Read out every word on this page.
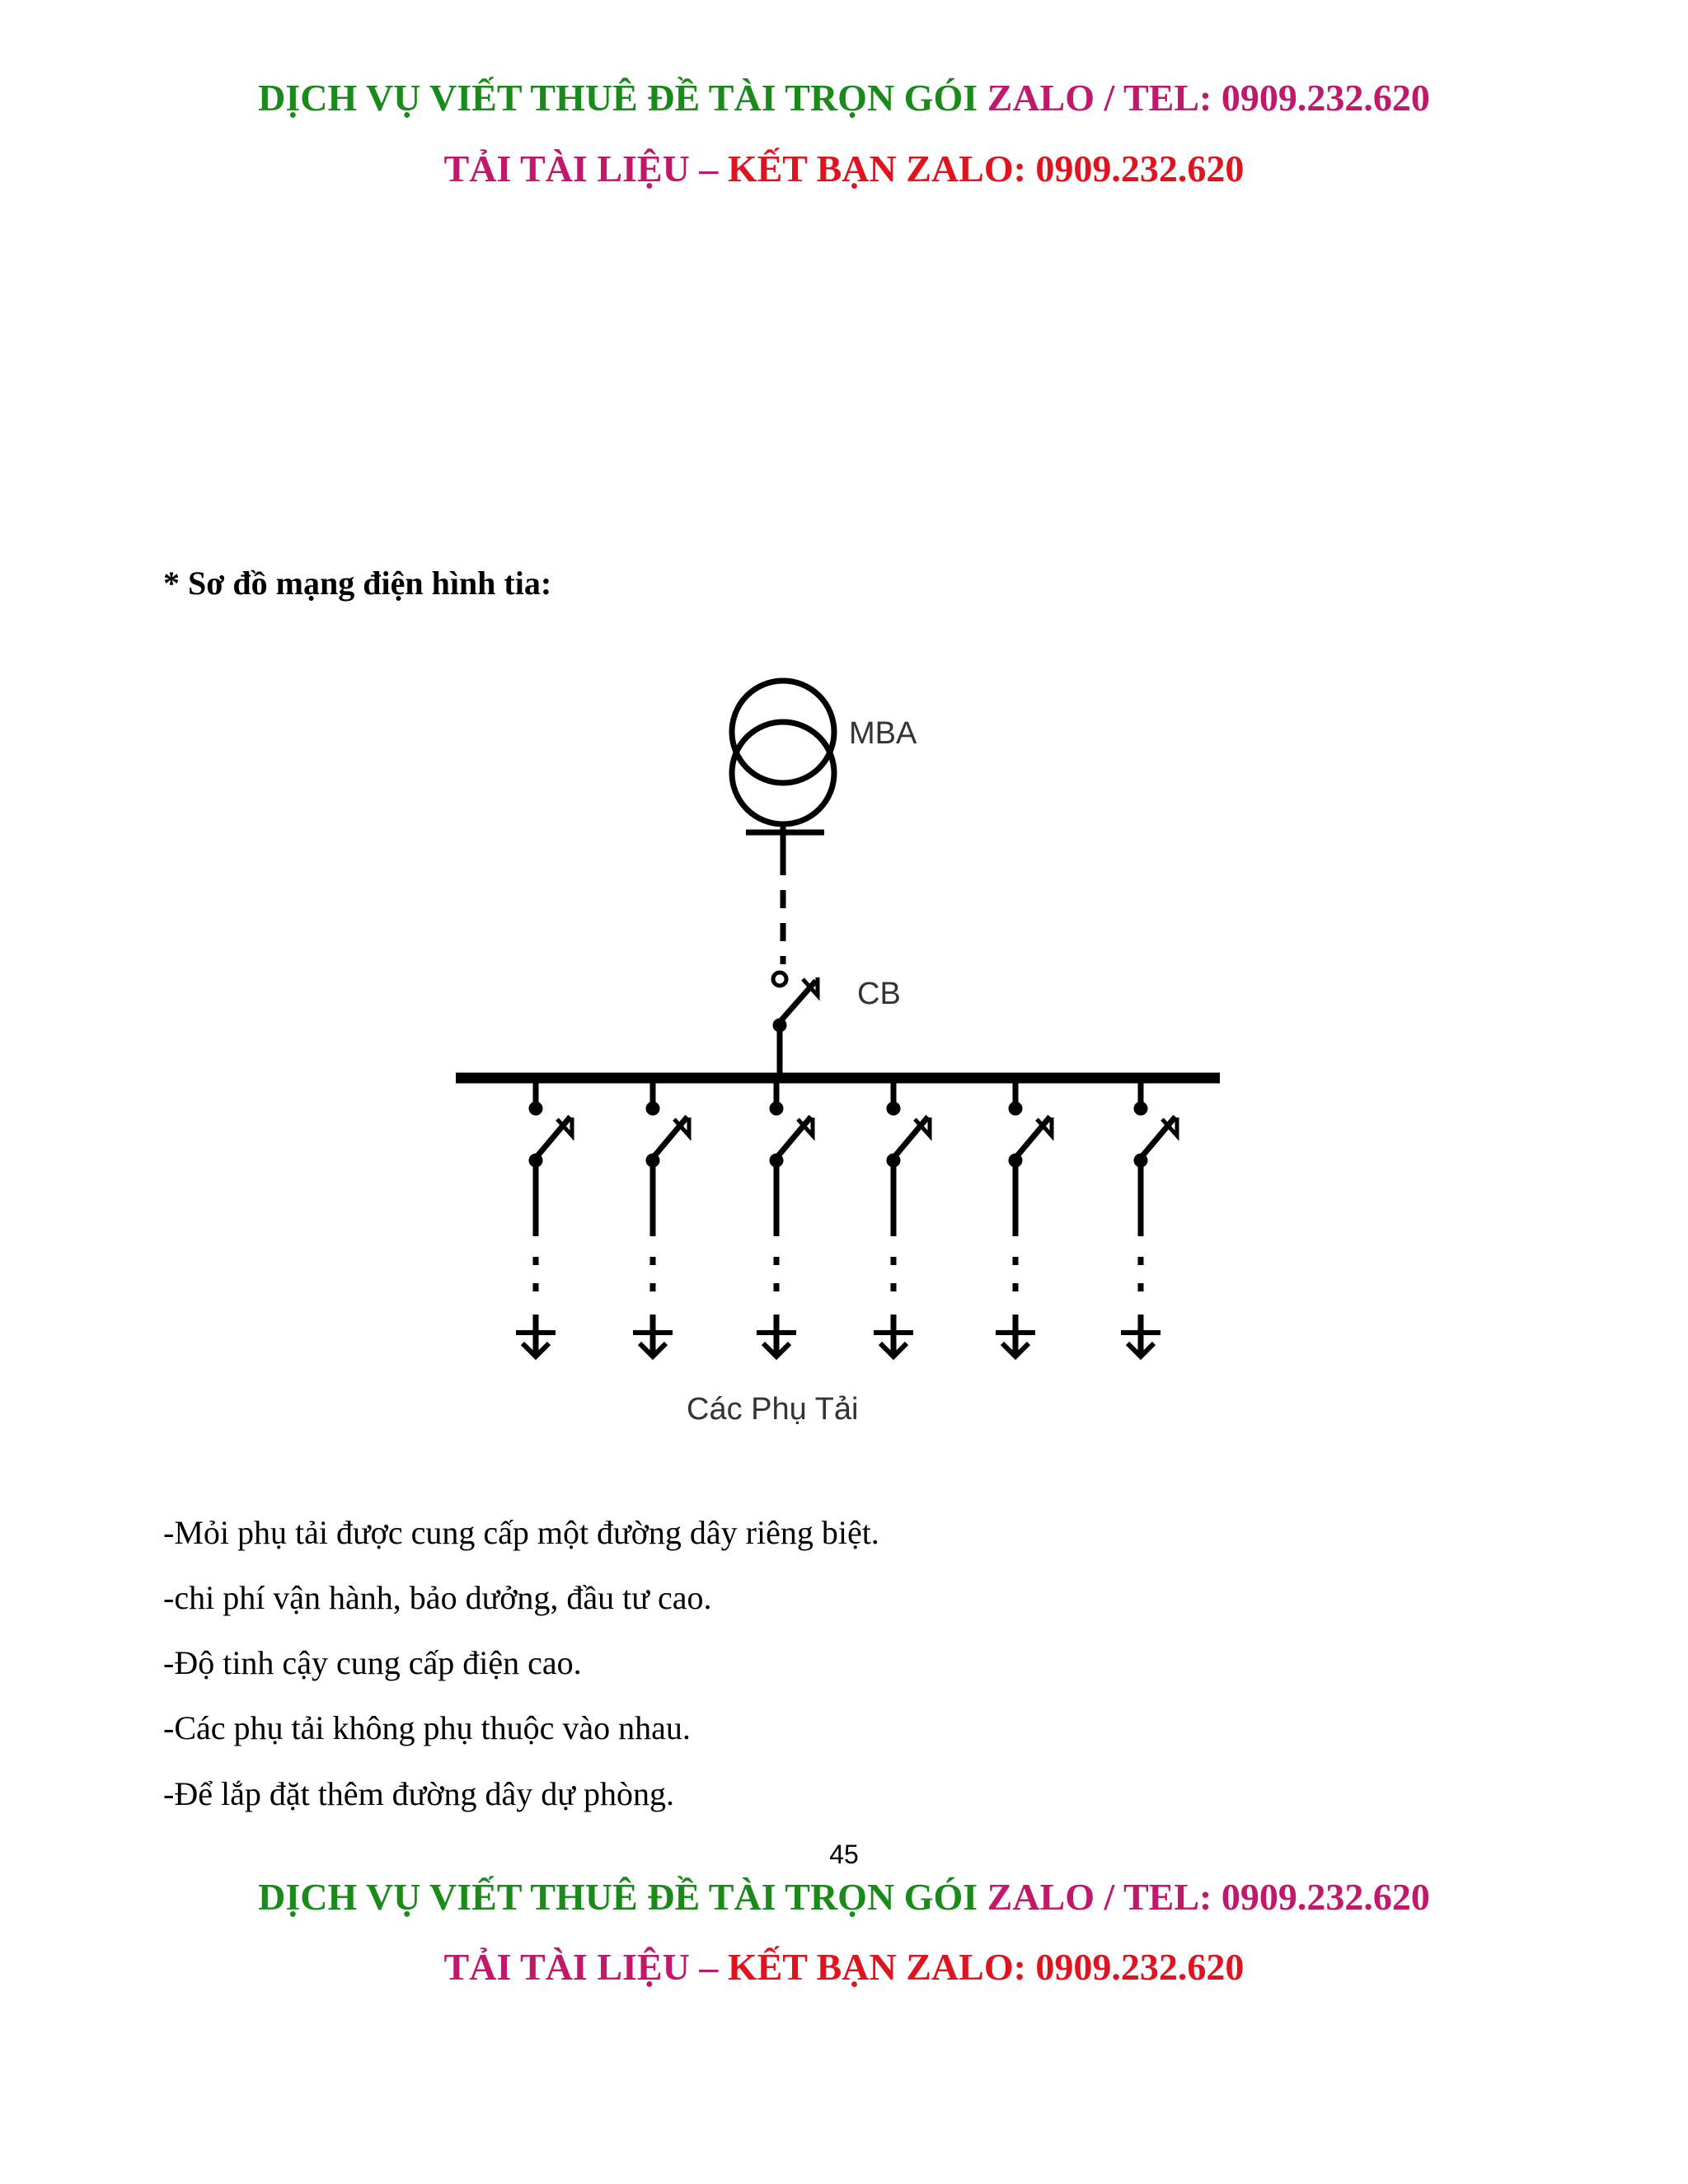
DỊCH VỤ VIẾT THUÊ ĐỀ TÀI TRỌN GÓI ZALO / TEL: 0909.232.620
TẢI TÀI LIỆU – KẾT BẠN ZALO: 0909.232.620
* Sơ đồ mạng điện hình tia:
MBA
CB
Các Phụ Tải
-Mỏi phụ tải được cung cấp một đường dây riêng biệt.
-chi phí vận hành, bảo dưởng, đầu tư cao.
-Độ tinh cậy cung cấp điện cao.
-Các phụ tải không phụ thuộc vào nhau.
-Để lắp đặt thêm đường dây dự phòng.
45
DỊCH VỤ VIẾT THUÊ ĐỀ TÀI TRỌN GÓI ZALO / TEL: 0909.232.620
TẢI TÀI LIỆU – KẾT BẠN ZALO: 0909.232.620
